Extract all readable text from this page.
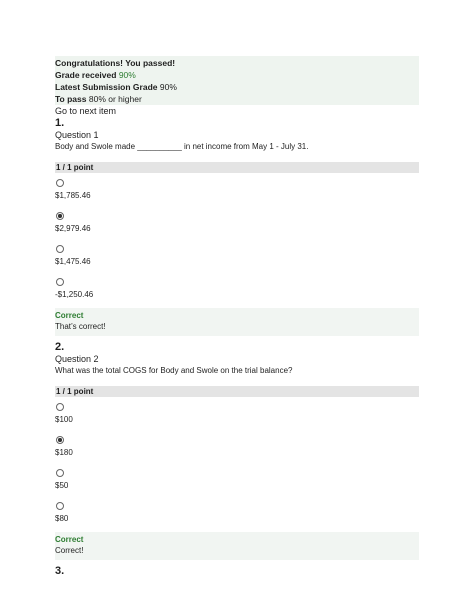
Congratulations! You passed!
Grade received 90%
Latest Submission Grade 90%
To pass 80% or higher
Go to next item
1.
Question 1
Body and Swole made __________ in net income from May 1 - July 31.
1 / 1 point
$1,785.46
$2,979.46
$1,475.46
-$1,250.46
Correct
That’s correct!
2.
Question 2
What was the total COGS for Body and Swole on the trial balance?
1 / 1 point
$100
$180
$50
$80
Correct
Correct!
3.
